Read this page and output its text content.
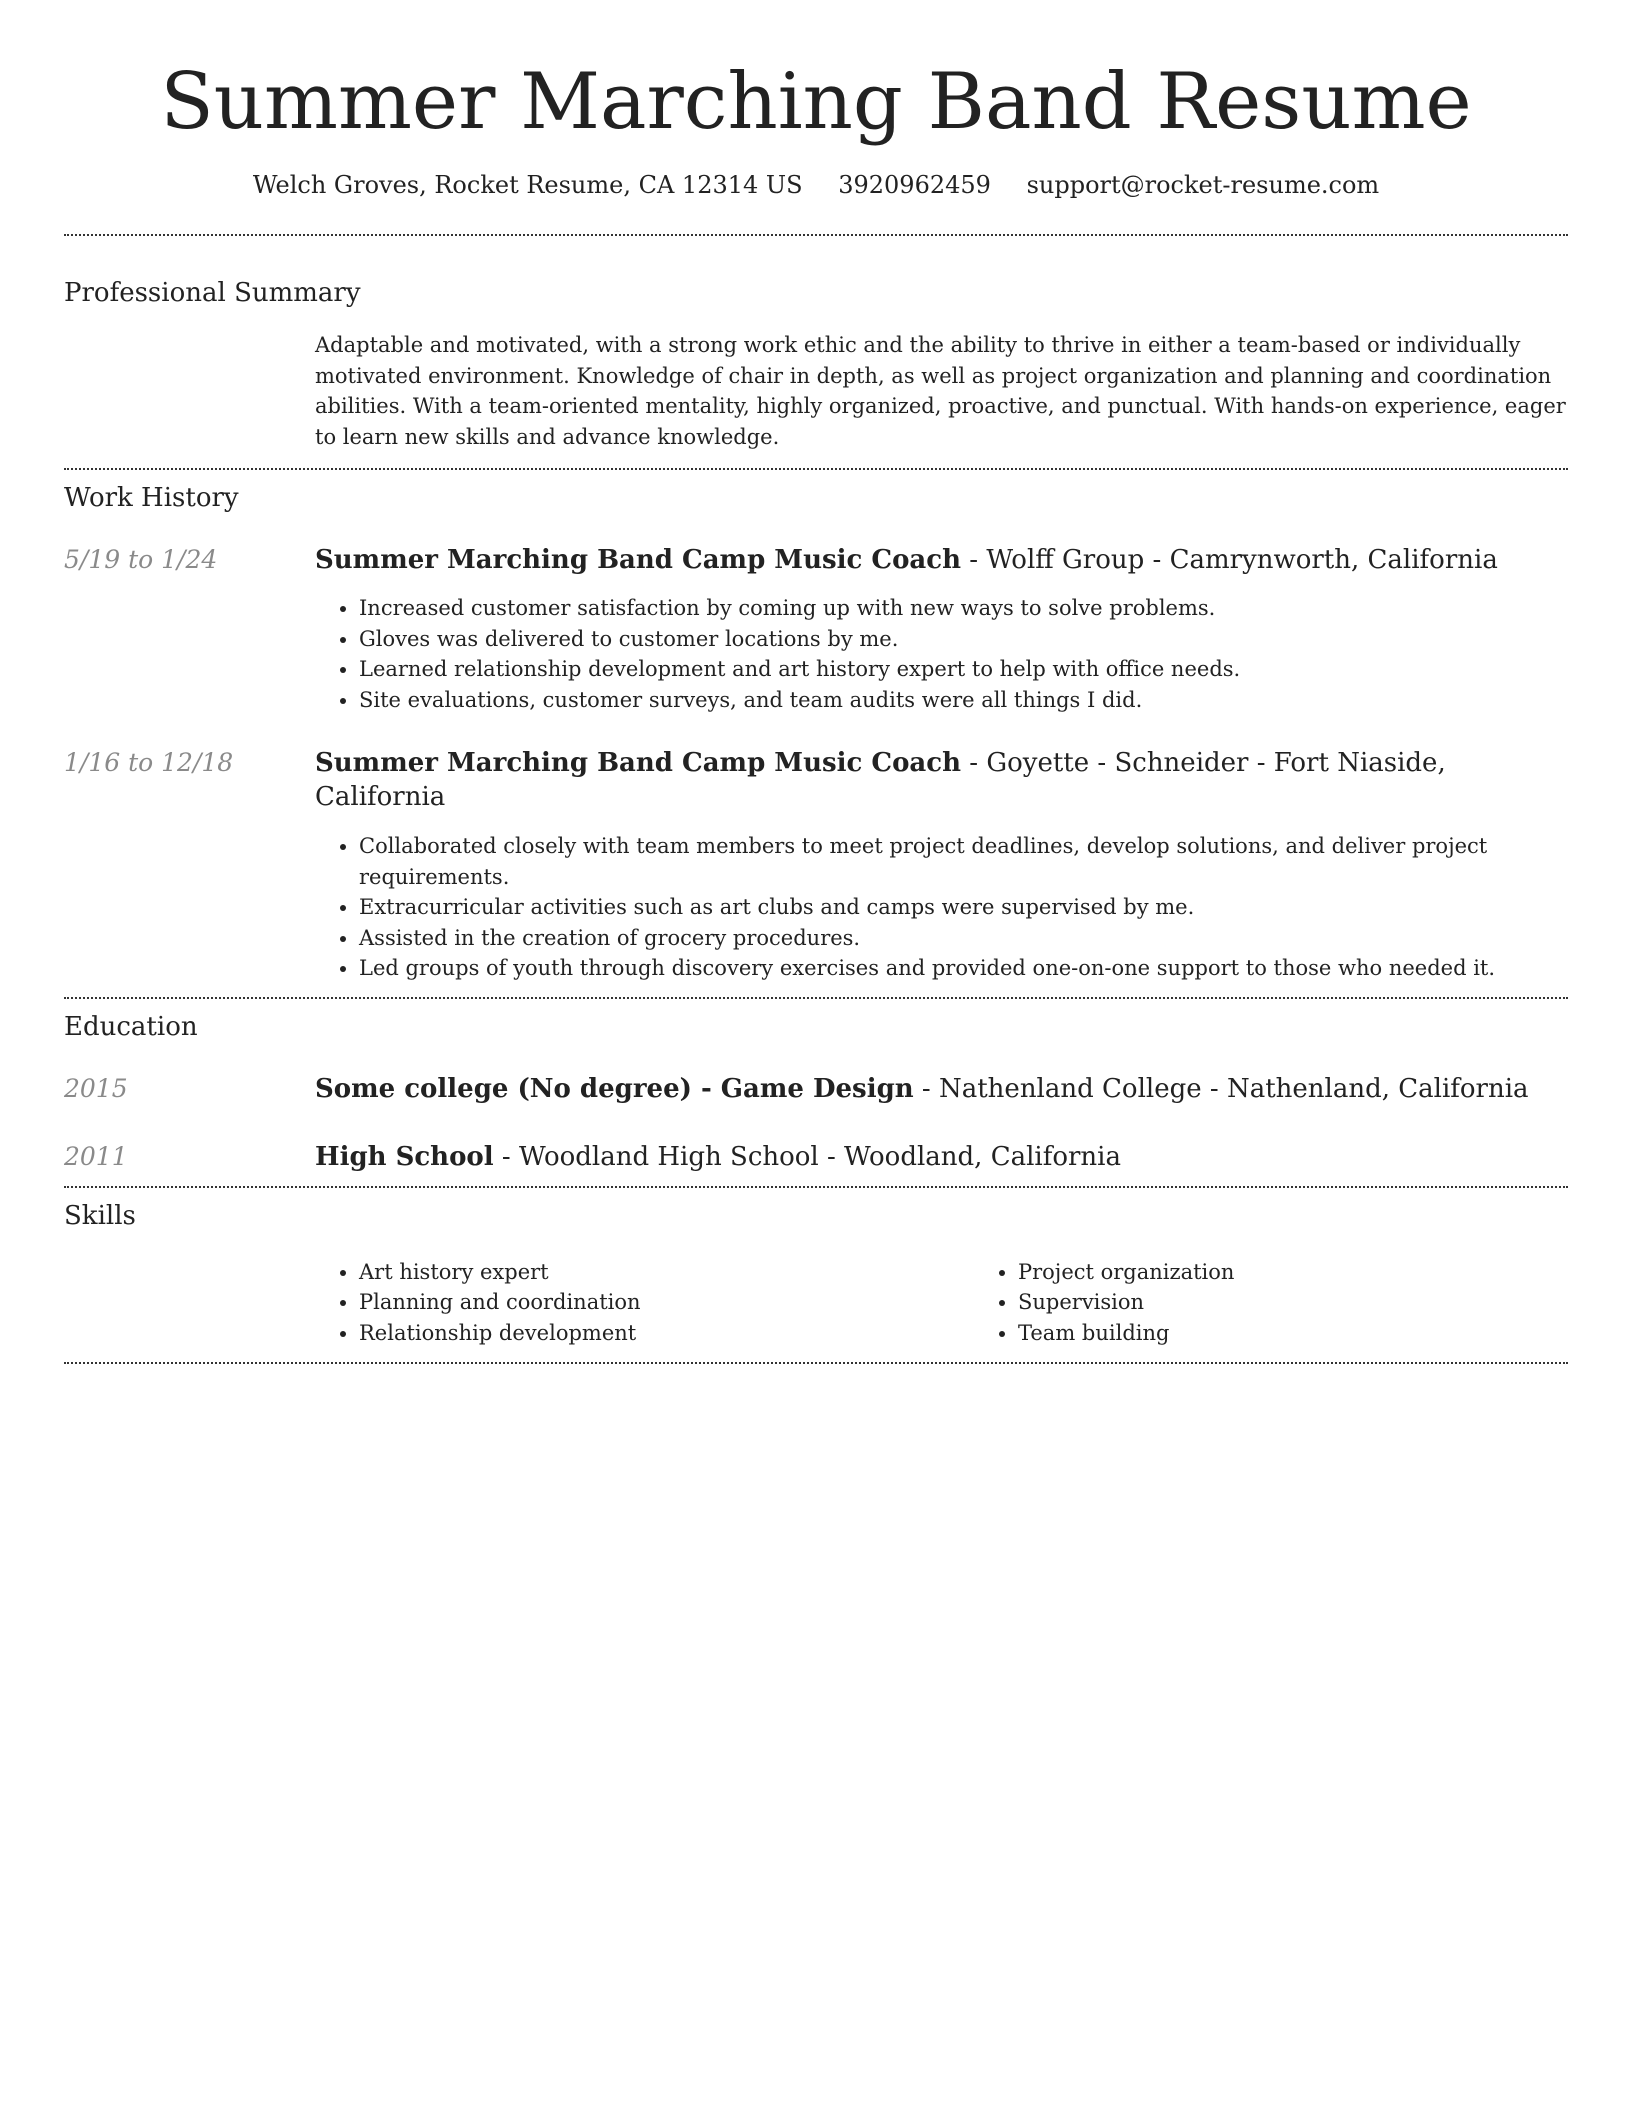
Summer Marching Band Resume
Welch Groves, Rocket Resume, CA 12314 US 3920962459 support@rocket-resume.com
Professional Summary
Adaptable and motivated, with a strong work ethic and the ability to thrive in either a team-based or individually motivated environment. Knowledge of chair in depth, as well as project organization and planning and coordination abilities. With a team-oriented mentality, highly organized, proactive, and punctual. With hands-on experience, eager to learn new skills and advance knowledge.
Work History
5/19 to 1/24	Summer Marching Band Camp Music Coach - Wolff Group - Camrynworth, California
• Increased customer satisfaction by coming up with new ways to solve problems.
• Gloves was delivered to customer locations by me.
• Learned relationship development and art history expert to help with office needs.
• Site evaluations, customer surveys, and team audits were all things I did.
1/16 to 12/18	Summer Marching Band Camp Music Coach - Goyette - Schneider - Fort Niaside, California
• Collaborated closely with team members to meet project deadlines, develop solutions, and deliver project requirements.
• Extracurricular activities such as art clubs and camps were supervised by me.
• Assisted in the creation of grocery procedures.
• Led groups of youth through discovery exercises and provided one-on-one support to those who needed it.
Education
2015	Some college (No degree) - Game Design - Nathenland College - Nathenland, California
2011	High School - Woodland High School - Woodland, California
Skills
• Art history expert
• Planning and coordination
• Relationship development
• Project organization
• Supervision
• Team building
